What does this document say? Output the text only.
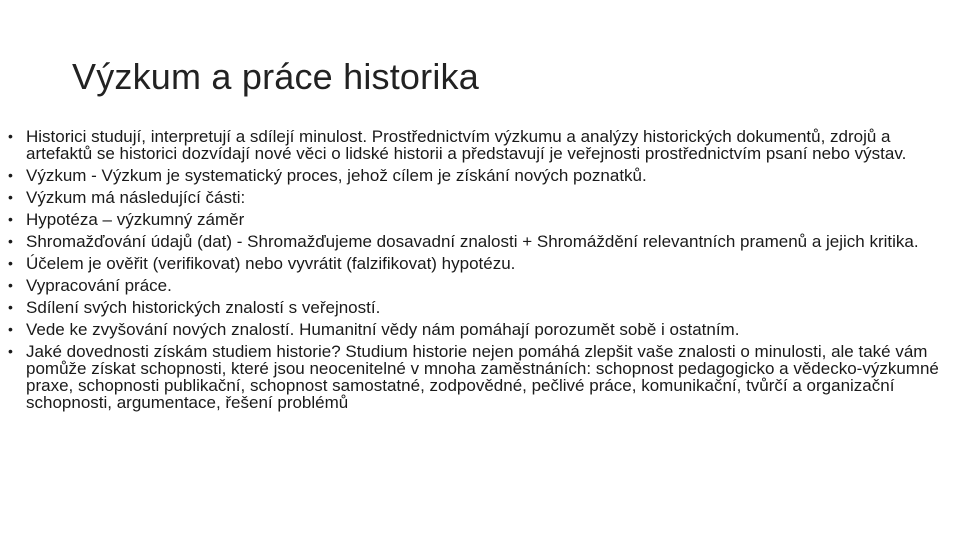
Výzkum a práce historika
• Historici studují, interpretují a sdílejí minulost. Prostřednictvím výzkumu a analýzy historických dokumentů, zdrojů a artefaktů se historici dozvídají nové věci o lidské historii a představují je veřejnosti prostřednictvím psaní nebo výstav.
• Výzkum - Výzkum je systematický proces, jehož cílem je získání nových poznatků.
• Výzkum má následující části:
• Hypotéza – výzkumný záměr
• Shromažďování údajů (dat) - Shromažďujeme dosavadní znalosti + Shromáždění relevantních pramenů a jejich kritika.
• Účelem je ověřit (verifikovat) nebo vyvrátit (falzifikovat) hypotézu.
• Vypracování práce.
• Sdílení svých historických znalostí s veřejností.
• Vede ke zvyšování nových znalostí. Humanitní vědy nám pomáhají porozumět sobě i ostatním.
• Jaké dovednosti získám studiem historie? Studium historie nejen pomáhá zlepšit vaše znalosti o minulosti, ale také vám pomůže získat schopnosti, které jsou neocenitelné v mnoha zaměstnáních: schopnost pedagogicko a vědecko-výzkumné praxe, schopnosti publikační, schopnost samostatné, zodpovědné, pečlivé práce, komunikační, tvůrčí a organizační schopnosti, argumentace, řešení problémů
